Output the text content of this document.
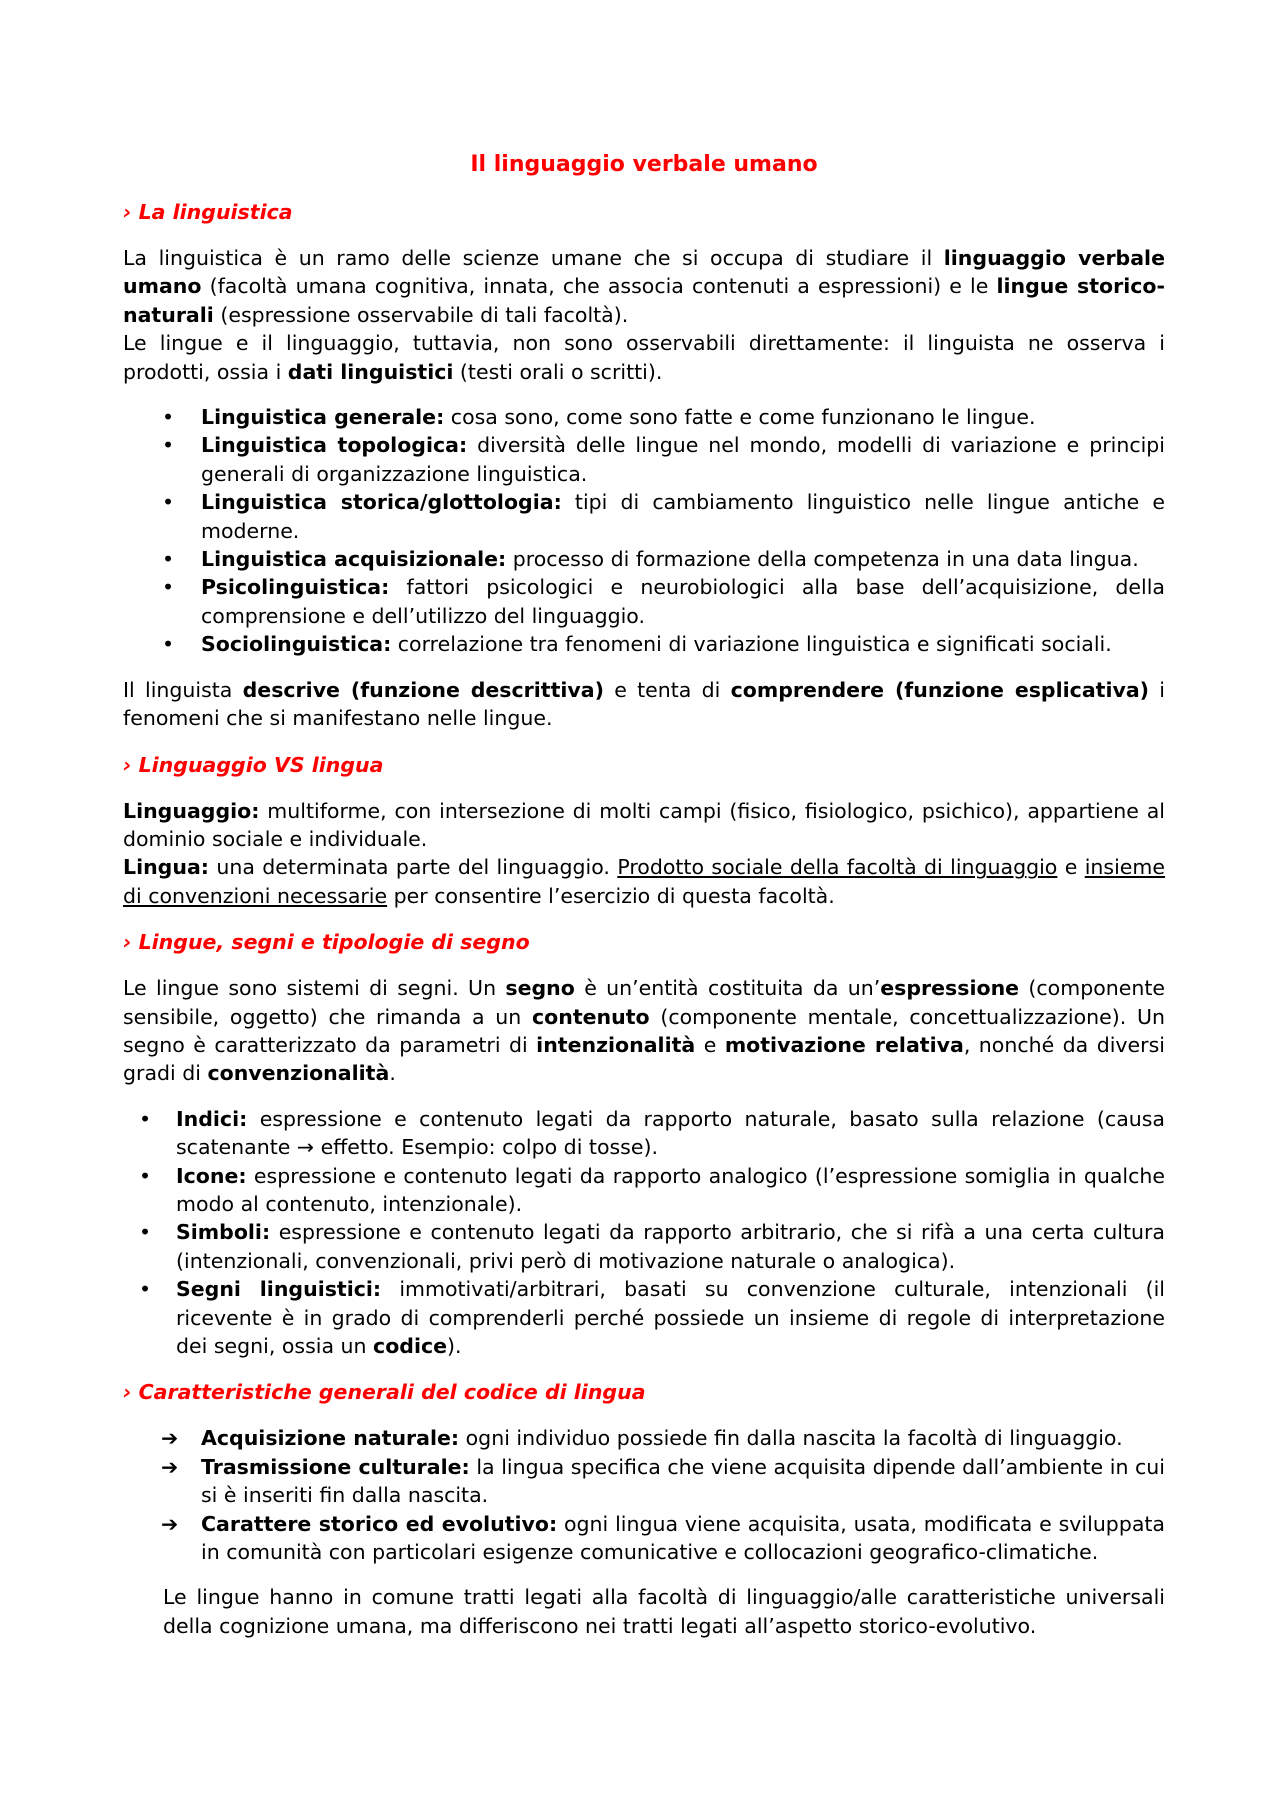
Il linguaggio verbale umano
› La linguistica

La linguistica è un ramo delle scienze umane che si occupa di studiare il linguaggio verbale umano (facoltà umana cognitiva, innata, che associa contenuti a espressioni) e le lingue storico-naturali (espressione osservabile di tali facoltà).

Le lingue e il linguaggio, tuttavia, non sono osservabili direttamente: il linguista ne osserva i prodotti, ossia i dati linguistici (testi orali o scritti).

• Linguistica generale: cosa sono, come sono fatte e come funzionano le lingue.
• Linguistica topologica: diversità delle lingue nel mondo, modelli di variazione e principi generali di organizzazione linguistica.
• Linguistica storica/glottologia: tipi di cambiamento linguistico nelle lingue antiche e moderne.
• Linguistica acquisizionale: processo di formazione della competenza in una data lingua.
• Psicolinguistica: fattori psicologici e neurobiologici alla base dell’acquisizione, della comprensione e dell’utilizzo del linguaggio.
• Sociolinguistica: correlazione tra fenomeni di variazione linguistica e significati sociali.

Il linguista descrive (funzione descrittiva) e tenta di comprendere (funzione esplicativa) i fenomeni che si manifestano nelle lingue.

› Linguaggio VS lingua

Linguaggio: multiforme, con intersezione di molti campi (fisico, fisiologico, psichico), appartiene al dominio sociale e individuale.

Lingua: una determinata parte del linguaggio. Prodotto sociale della facoltà di linguaggio e insieme di convenzioni necessarie per consentire l’esercizio di questa facoltà.

› Lingue, segni e tipologie di segno

Le lingue sono sistemi di segni. Un segno è un’entità costituita da un’espressione (componente sensibile, oggetto) che rimanda a un contenuto (componente mentale, concettualizzazione). Un segno è caratterizzato da parametri di intenzionalità e motivazione relativa, nonché da diversi gradi di convenzionalità.

• Indici: espressione e contenuto legati da rapporto naturale, basato sulla relazione (causa scatenante → effetto. Esempio: colpo di tosse).
• Icone: espressione e contenuto legati da rapporto analogico (l’espressione somiglia in qualche modo al contenuto, intenzionale).
• Simboli: espressione e contenuto legati da rapporto arbitrario, che si rifà a una certa cultura (intenzionali, convenzionali, privi però di motivazione naturale o analogica).
• Segni linguistici: immotivati/arbitrari, basati su convenzione culturale, intenzionali (il ricevente è in grado di comprenderli perché possiede un insieme di regole di interpretazione dei segni, ossia un codice).
› Caratteristiche generali del codice di lingua
➔ Acquisizione naturale: ogni individuo possiede fin dalla nascita la facoltà di linguaggio.
➔ Trasmissione culturale: la lingua specifica che viene acquisita dipende dall’ambiente in cui si è inseriti fin dalla nascita.
➔ Carattere storico ed evolutivo: ogni lingua viene acquisita, usata, modificata e sviluppata in comunità con particolari esigenze comunicative e collocazioni geografico-climatiche.

Le lingue hanno in comune tratti legati alla facoltà di linguaggio/alle caratteristiche universali della cognizione umana, ma differiscono nei tratti legati all’aspetto storico-evolutivo.
